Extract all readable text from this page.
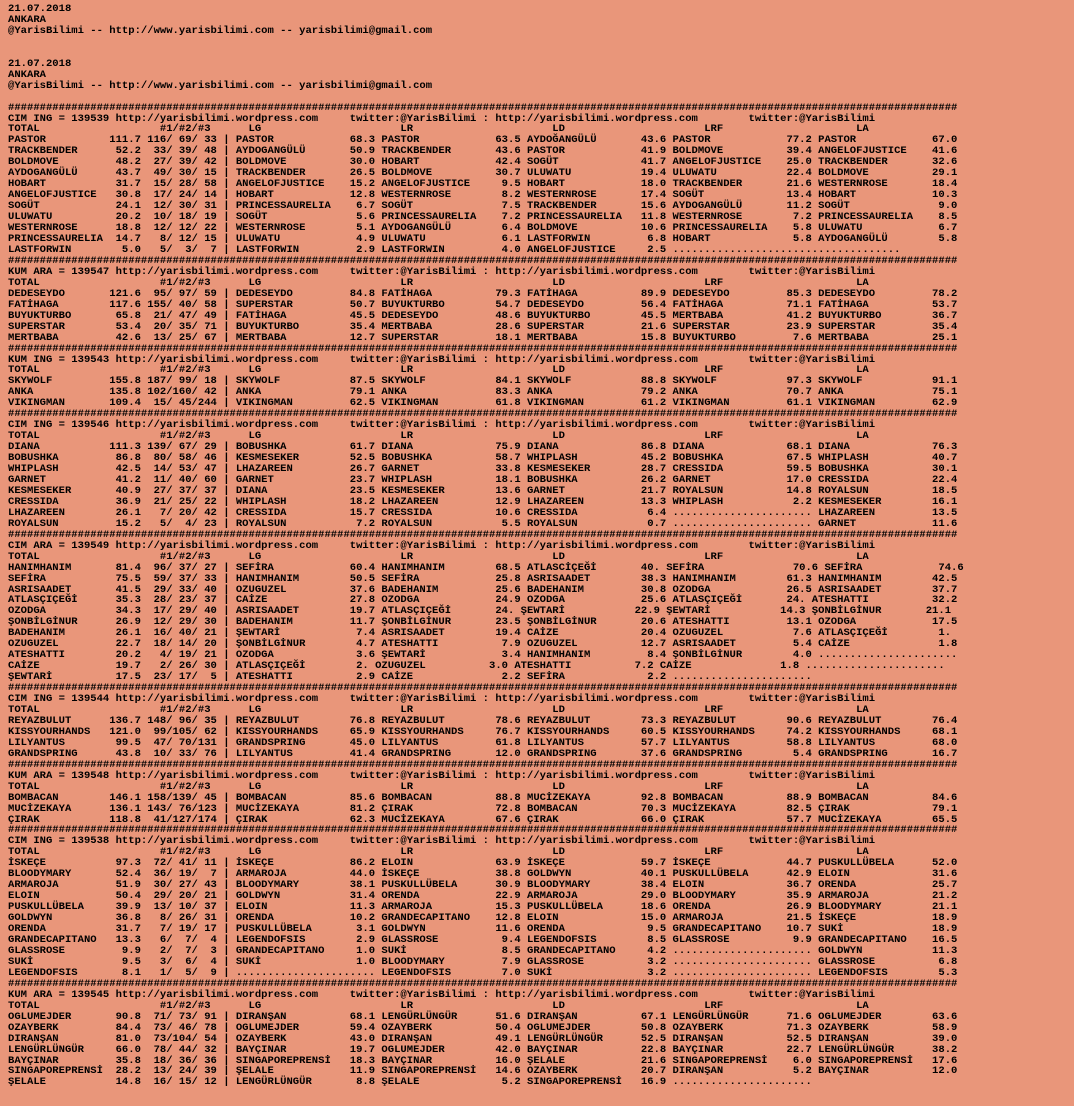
21.07.2018
ANKARA
@YarisBilimi -- http://www.yarisbilimi.com -- yarisbilimi@gmail.com

21.07.2018
ANKARA
@YarisBilimi -- http://www.yarisbilimi.com -- yarisbilimi@gmail.com

######################################################################################################################################################
CIM ING = 139539 http://yarisbilimi.wordpress.com     twitter:@YarisBilimi : http://yarisbilimi.wordpress.com        twitter:@YarisBilimi
TOTAL                   #1/#2/#3      LG                      LR                      LD                      LRF                     LA
PASTOR          111.7 116/ 69/ 33 | PASTOR            68.3 PASTOR            63.5 AYDOĞANGÜLÜ       43.6 PASTOR            77.2 PASTOR            67.0
TRACKBENDER      52.2  33/ 39/ 48 | AYDOGANGÜLÜ       50.9 TRACKBENDER       43.6 PASTOR            41.9 BOLDMOVE          39.4 ANGELOFJUSTICE    41.6
BOLDMOVE         48.2  27/ 39/ 42 | BOLDMOVE          30.0 HOBART            42.4 SOGÜT             41.7 ANGELOFJUSTICE    25.0 TRACKBENDER       32.6
AYDOGANGÜLÜ      43.7  49/ 30/ 15 | TRACKBENDER       26.5 BOLDMOVE          30.7 ULUWATU           19.4 ULUWATU           22.4 BOLDMOVE          29.1
HOBART           31.7  15/ 28/ 58 | ANGELOFJUSTICE    15.2 ANGELOFJUSTICE     9.5 HOBART            18.0 TRACKBENDER       21.6 WESTERNROSE       18.4
ANGELOFJUSTICE   30.8  17/ 24/ 14 | HOBART            12.8 WESTERNROSE        8.2 WESTERNROSE       17.4 SOGÜT             13.4 HOBART            10.3
SOGÜT            24.1  12/ 30/ 31 | PRINCESSAURELIA    6.7 SOGÜT              7.5 TRACKBENDER       15.6 AYDOGANGÜLÜ       11.2 SOGÜT              9.0
ULUWATU          20.2  10/ 18/ 19 | SOGÜT              5.6 PRINCESSAURELIA    7.2 PRINCESSAURELIA   11.8 WESTERNROSE        7.2 PRINCESSAURELIA    8.5
WESTERNROSE      18.8  12/ 12/ 22 | WESTERNROSE        5.1 AYDOGANGÜLÜ        6.4 BOLDMOVE          10.6 PRINCESSAURELIA    5.8 ULUWATU            6.7
PRINCESSAURELIA  14.7   8/ 12/ 15 | ULUWATU            4.9 ULUWATU            6.1 LASTFORWIN         6.8 HOBART             5.8 AYDOGANGÜLÜ        5.8
LASTFORWIN        5.0   5/  3/  7 | LASTFORWIN         2.9 LASTFORWIN         4.0 ANGELOFJUSTICE     2.5 ....................................
######################################################################################################################################################
KUM ARA = 139547 http://yarisbilimi.wordpress.com     twitter:@YarisBilimi : http://yarisbilimi.wordpress.com        twitter:@YarisBilimi
TOTAL                   #1/#2/#3      LG                      LR                      LD                      LRF                     LA
DEDESEYDO       121.6  95/ 97/ 59 | DEDESEYDO         84.8 FATİHAGA          79.3 FATİHAGA          89.9 DEDESEYDO         85.3 DEDESEYDO         78.2
FATİHAGA        117.6 155/ 40/ 58 | SUPERSTAR         50.7 BUYUKTURBO        54.7 DEDESEYDO         56.4 FATİHAGA          71.1 FATİHAGA          53.7
BUYUKTURBO       65.8  21/ 47/ 49 | FATİHAGA          45.5 DEDESEYDO         48.6 BUYUKTURBO        45.5 MERTBABA          41.2 BUYUKTURBO        36.7
SUPERSTAR        53.4  20/ 35/ 71 | BUYUKTURBO        35.4 MERTBABA          28.6 SUPERSTAR         21.6 SUPERSTAR         23.9 SUPERSTAR         35.4
MERTBABA         42.6  13/ 25/ 67 | MERTBABA          12.7 SUPERSTAR         18.1 MERTBABA          15.8 BUYUKTURBO         7.6 MERTBABA          25.1
######################################################################################################################################################
KUM ING = 139543 http://yarisbilimi.wordpress.com     twitter:@YarisBilimi : http://yarisbilimi.wordpress.com        twitter:@YarisBilimi
TOTAL                   #1/#2/#3      LG                      LR                      LD                      LRF                     LA
SKYWOLF         155.8 187/ 99/ 18 | SKYWOLF           87.5 SKYWOLF           84.1 SKYWOLF           88.8 SKYWOLF           97.3 SKYWOLF           91.1
ANKA            135.8 102/160/ 42 | ANKA              79.1 ANKA              83.3 ANKA              79.2 ANKA              70.7 ANKA              75.1
VIKINGMAN       109.4  15/ 45/244 | VIKINGMAN         62.5 VIKINGMAN         61.8 VIKINGMAN         61.2 VIKINGMAN         61.1 VIKINGMAN         62.9
######################################################################################################################################################
CIM ING = 139546 http://yarisbilimi.wordpress.com     twitter:@YarisBilimi : http://yarisbilimi.wordpress.com        twitter:@YarisBilimi
TOTAL                   #1/#2/#3      LG                      LR                      LD                      LRF                     LA
DIANA           111.3 139/ 67/ 29 | BOBUSHKA          61.7 DIANA             75.9 DIANA             86.8 DIANA             68.1 DIANA             76.3
BOBUSHKA         86.8  80/ 58/ 46 | KESMESEKER        52.5 BOBUSHKA          58.7 WHIPLASH          45.2 BOBUSHKA          67.5 WHIPLASH          40.7
WHIPLASH         42.5  14/ 53/ 47 | LHAZAREEN         26.7 GARNET            33.8 KESMESEKER        28.7 CRESSIDA          59.5 BOBUSHKA          30.1
GARNET           41.2  11/ 40/ 60 | GARNET            23.7 WHIPLASH          18.1 BOBUSHKA          26.2 GARNET            17.0 CRESSIDA          22.4
KESMESEKER       40.9  27/ 37/ 37 | DIANA             23.5 KESMESEKER        13.6 GARNET            21.7 ROYALSUN          14.8 ROYALSUN          18.5
CRESSIDA         36.9  21/ 25/ 22 | WHIPLASH          18.2 LHAZAREEN         12.9 LHAZAREEN         13.3 WHIPLASH           2.2 KESMESEKER        16.1
LHAZAREEN        26.1   7/ 20/ 42 | CRESSIDA          15.7 CRESSIDA          10.6 CRESSIDA           6.4 ...................... LHAZAREEN         13.5
ROYALSUN         15.2   5/  4/ 23 | ROYALSUN           7.2 ROYALSUN           5.5 ROYALSUN           0.7 ...................... GARNET            11.6
######################################################################################################################################################
CIM ARA = 139549 http://yarisbilimi.wordpress.com     twitter:@YarisBilimi : http://yarisbilimi.wordpress.com        twitter:@YarisBilimi
TOTAL                   #1/#2/#3      LG                      LR                      LD                      LRF                     LA
HANIMHANIM       81.4  96/ 37/ 27 | SEFİRA            60.4 HANIMHANIM        68.5 ATLASCİÇEĞİ       40. SEFİRA              70.6 SEFİRA            74.6
SEFİRA           75.5  59/ 37/ 33 | HANIMHANIM        50.5 SEFİRA            25.8 ASRISAADET        38.3 HANIMHANIM        61.3 HANIMHANIM        42.5
ASRISAADET       41.5  29/ 33/ 40 | OZUGUZEL          37.6 BADEHANIM         25.6 BADEHANIM         30.8 OZODGA            26.5 ASRISAADET        37.7
ATLASÇIÇEĞİ      35.3  28/ 23/ 37 | CAİZE             27.8 OZODGA            24.9 OZODGA            25.6 ATLASÇIÇEĞİ       24. ATESHATTI          32.2
OZODGA           34.3  17/ 29/ 40 | ASRISAADET        19.7 ATLASÇIÇEĞİ       24. ŞEWTARİ           22.9 ŞEWTARİ           14.3 ŞONBİLGİNUR       21.1
ŞONBİLGİNUR      26.9  12/ 29/ 30 | BADEHANIM         11.7 ŞONBİLGİNUR       23.5 ŞONBİLGİNUR       20.6 ATESHATTI         13.1 OZODGA            17.5
BADEHANIM        26.1  16/ 40/ 21 | ŞEWTARİ            7.4 ASRISAADET        19.4 CAİZE             20.4 OZUGUZEL           7.6 ATLASÇIÇEĞİ        1.
OZUGUZEL         22.7  18/ 14/ 20 | ŞONBİLGİNUR        4.7 ATESHATTI          7.9 OZUGUZEL          12.7 ASRISAADET         5.4 CAİZE              1.8
ATESHATTI        20.2   4/ 19/ 21 | OZODGA             3.6 ŞEWTARİ            3.4 HANIMHANIM         8.4 ŞONBİLGİNUR        4.0 ......................
CAİZE            19.7   2/ 26/ 30 | ATLASÇIÇEĞİ        2. OZUGUZEL          3.0 ATESHATTI          7.2 CAİZE              1.8 ......................
ŞEWTARİ          17.5  23/ 17/  5 | ATESHATTI          2.9 CAİZE              2.2 SEFİRA             2.2 ......................
######################################################################################################################################################
CIM ING = 139544 http://yarisbilimi.wordpress.com     twitter:@YarisBilimi : http://yarisbilimi.wordpress.com        twitter:@YarisBilimi
TOTAL                   #1/#2/#3      LG                      LR                      LD                      LRF                     LA
REYAZBULUT      136.7 148/ 96/ 35 | REYAZBULUT        76.8 REYAZBULUT        78.6 REYAZBULUT        73.3 REYAZBULUT        90.6 REYAZBULUT        76.4
KISSYOURHANDS   121.0  99/105/ 62 | KISSYOURHANDS     65.9 KISSYOURHANDS     76.7 KISSYOURHANDS     60.5 KISSYOURHANDS     74.2 KISSYOURHANDS     68.1
LILYANTUS        99.5  47/ 70/131 | GRANDSPRING       45.0 LILYANTUS         61.8 LILYANTUS         57.7 LILYANTUS         58.8 LILYANTUS         68.0
GRANDSPRING      43.8  10/ 33/ 76 | LILYANTUS         41.4 GRANDSPRING       12.0 GRANDSPRING       37.6 GRANDSPRING        5.4 GRANDSPRING       16.7
######################################################################################################################################################
KUM ARA = 139548 http://yarisbilimi.wordpress.com     twitter:@YarisBilimi : http://yarisbilimi.wordpress.com        twitter:@YarisBilimi
TOTAL                   #1/#2/#3      LG                      LR                      LD                      LRF                     LA
BOMBACAN        146.1 158/139/ 45 | BOMBACAN          85.6 BOMBACAN          88.8 MUCİZEKAYA        92.8 BOMBACAN          88.9 BOMBACAN          84.6
MUCİZEKAYA      136.1 143/ 76/123 | MUCİZEKAYA        81.2 ÇIRAK             72.8 BOMBACAN          70.3 MUCİZEKAYA        82.5 ÇIRAK             79.1
ÇIRAK           118.8  41/127/174 | ÇIRAK             62.3 MUCİZEKAYA        67.6 ÇIRAK             66.0 ÇIRAK             57.7 MUCİZEKAYA        65.5
######################################################################################################################################################
CIM ING = 139538 http://yarisbilimi.wordpress.com     twitter:@YarisBilimi : http://yarisbilimi.wordpress.com        twitter:@YarisBilimi
TOTAL                   #1/#2/#3      LG                      LR                      LD                      LRF                     LA
İSKEÇE           97.3  72/ 41/ 11 | İSKEÇE            86.2 ELOIN             63.9 İSKEÇE            59.7 İSKEÇE            44.7 PUSKULLÜBELA      52.0
BLOODYMARY       52.4  36/ 19/  7 | ARMAROJA          44.0 İSKEÇE            38.8 GOLDWYN           40.1 PUSKULLÜBELA      42.9 ELOIN             31.6
ARMAROJA         51.9  30/ 27/ 43 | BLOODYMARY        38.1 PUSKULLÜBELA      30.9 BLOODYMARY        38.4 ELOIN             36.7 ORENDA            25.7
ELOIN            50.4  29/ 20/ 21 | GOLDWYN           31.4 ORENDA            22.9 ARMAROJA          29.0 BLOODYMARY        35.9 ARMAROJA          21.2
PUSKULLÜBELA     39.9  13/ 10/ 37 | ELOIN             11.3 ARMAROJA          15.3 PUSKULLÜBELA      18.6 ORENDA            26.9 BLOODYMARY        21.1
GOLDWYN          36.8   8/ 26/ 31 | ORENDA            10.2 GRANDECAPITANO    12.8 ELOIN             15.0 ARMAROJA          21.5 İSKEÇE            18.9
ORENDA           31.7   7/ 19/ 17 | PUSKULLÜBELA       3.1 GOLDWYN           11.6 ORENDA             9.5 GRANDECAPITANO    10.7 SUKİ              18.9
GRANDECAPITANO   13.3   6/  7/  4 | LEGENDOFSIS        2.9 GLASSROSE          9.4 LEGENDOFSIS        8.5 GLASSROSE          9.9 GRANDECAPITANO    16.5
GLASSROSE         9.9   2/  7/  3 | GRANDECAPITANO     1.0 SUKİ               8.5 GRANDECAPITANO     4.2 ...................... GOLDWYN           11.3
SUKİ              9.5   3/  6/  4 | SUKİ               1.0 BLOODYMARY         7.9 GLASSROSE          3.2 ...................... GLASSROSE          6.8
LEGENDOFSIS       8.1   1/  5/  9 | ...................... LEGENDOFSIS        7.0 SUKİ               3.2 ...................... LEGENDOFSIS        5.3
######################################################################################################################################################
KUM ARA = 139545 http://yarisbilimi.wordpress.com     twitter:@YarisBilimi : http://yarisbilimi.wordpress.com        twitter:@YarisBilimi
TOTAL                   #1/#2/#3      LG                      LR                      LD                      LRF                     LA
OGLUMEJDER       90.8  71/ 73/ 91 | DIRANŞAN          68.1 LENGÜRLÜNGÜR      51.6 DIRANŞAN          67.1 LENGÜRLÜNGÜR      71.6 OGLUMEJDER        63.6
OZAYBERK         84.4  73/ 46/ 78 | OGLUMEJDER        59.4 OZAYBERK          50.4 OGLUMEJDER        50.8 OZAYBERK          71.3 OZAYBERK          58.9
DIRANŞAN         81.0  73/104/ 54 | OZAYBERK          43.0 DIRANŞAN          49.1 LENGÜRLÜNGÜR      52.5 DIRANŞAN          52.5 DIRANŞAN          39.0
LENGÜRLÜNGÜR     66.0  78/ 44/ 32 | BAYÇINAR          19.7 OGLUMEJDER        42.0 BAYÇINAR          22.8 BAYÇINAR          22.7 LENGÜRLÜNGÜR      38.2
BAYÇINAR         35.8  18/ 36/ 36 | SINGAPOREPRENSİ   18.3 BAYÇINAR          16.0 ŞELALE            21.6 SINGAPOREPRENSİ    6.0 SINGAPOREPRENSİ   17.6
SINGAPOREPRENSİ  28.2  13/ 24/ 39 | ŞELALE            11.9 SINGAPOREPRENSİ   14.6 OZAYBERK          20.7 DIRANŞAN           5.2 BAYÇINAR          12.0
ŞELALE           14.8  16/ 15/ 12 | LENGÜRLÜNGÜR       8.8 ŞELALE             5.2 SINGAPOREPRENSİ   16.9 ......................
